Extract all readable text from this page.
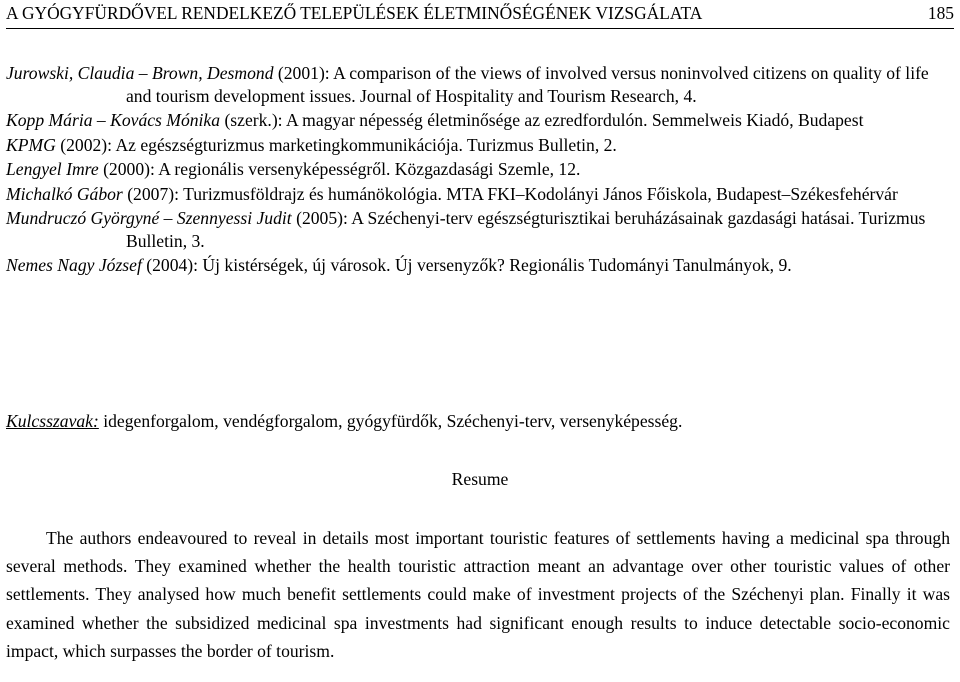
A GYÓGYFÜRDŐVEL RENDELKEZŐ TELEPÜLÉSEK ÉLETMINŐSÉGÉNEK VIZSGÁLATA	185

Jurowski, Claudia – Brown, Desmond (2001): A comparison of the views of involved versus noninvolved citizens on quality of life and tourism development issues. Journal of Hospitality and Tourism Research, 4.

Kopp Mária – Kovács Mónika (szerk.): A magyar népesség életminősége az ezredfordulón. Semmelweis Kiadó, Budapest

KPMG (2002): Az egészségturizmus marketingkommunikációja. Turizmus Bulletin, 2.

Lengyel Imre (2000): A regionális versenyképességről. Közgazdasági Szemle, 12.

Michalkó Gábor (2007): Turizmusföldrajz és humánökológia. MTA FKI–Kodolányi János Főiskola, Budapest–Székesfehérvár

Mundruczó Györgyné – Szennyessi Judit (2005): A Széchenyi-terv egészségturisztikai beruházásainak gazdasági hatásai. Turizmus Bulletin, 3.

Nemes Nagy József (2004): Új kistérségek, új városok. Új versenyzők? Regionális Tudományi Tanulmányok, 9.

Kulcsszavak: idegenforgalom, vendégforgalom, gyógyfürdők, Széchenyi-terv, versenyképesség.
Resume

The authors endeavoured to reveal in details most important touristic features of settlements having a medicinal spa through several methods. They examined whether the health touristic attraction meant an advantage over other touristic values of other settlements. They analysed how much benefit settlements could make of investment projects of the Széchenyi plan. Finally it was examined whether the subsidized medicinal spa investments had significant enough results to induce detectable socio-economic impact, which surpasses the border of tourism.
